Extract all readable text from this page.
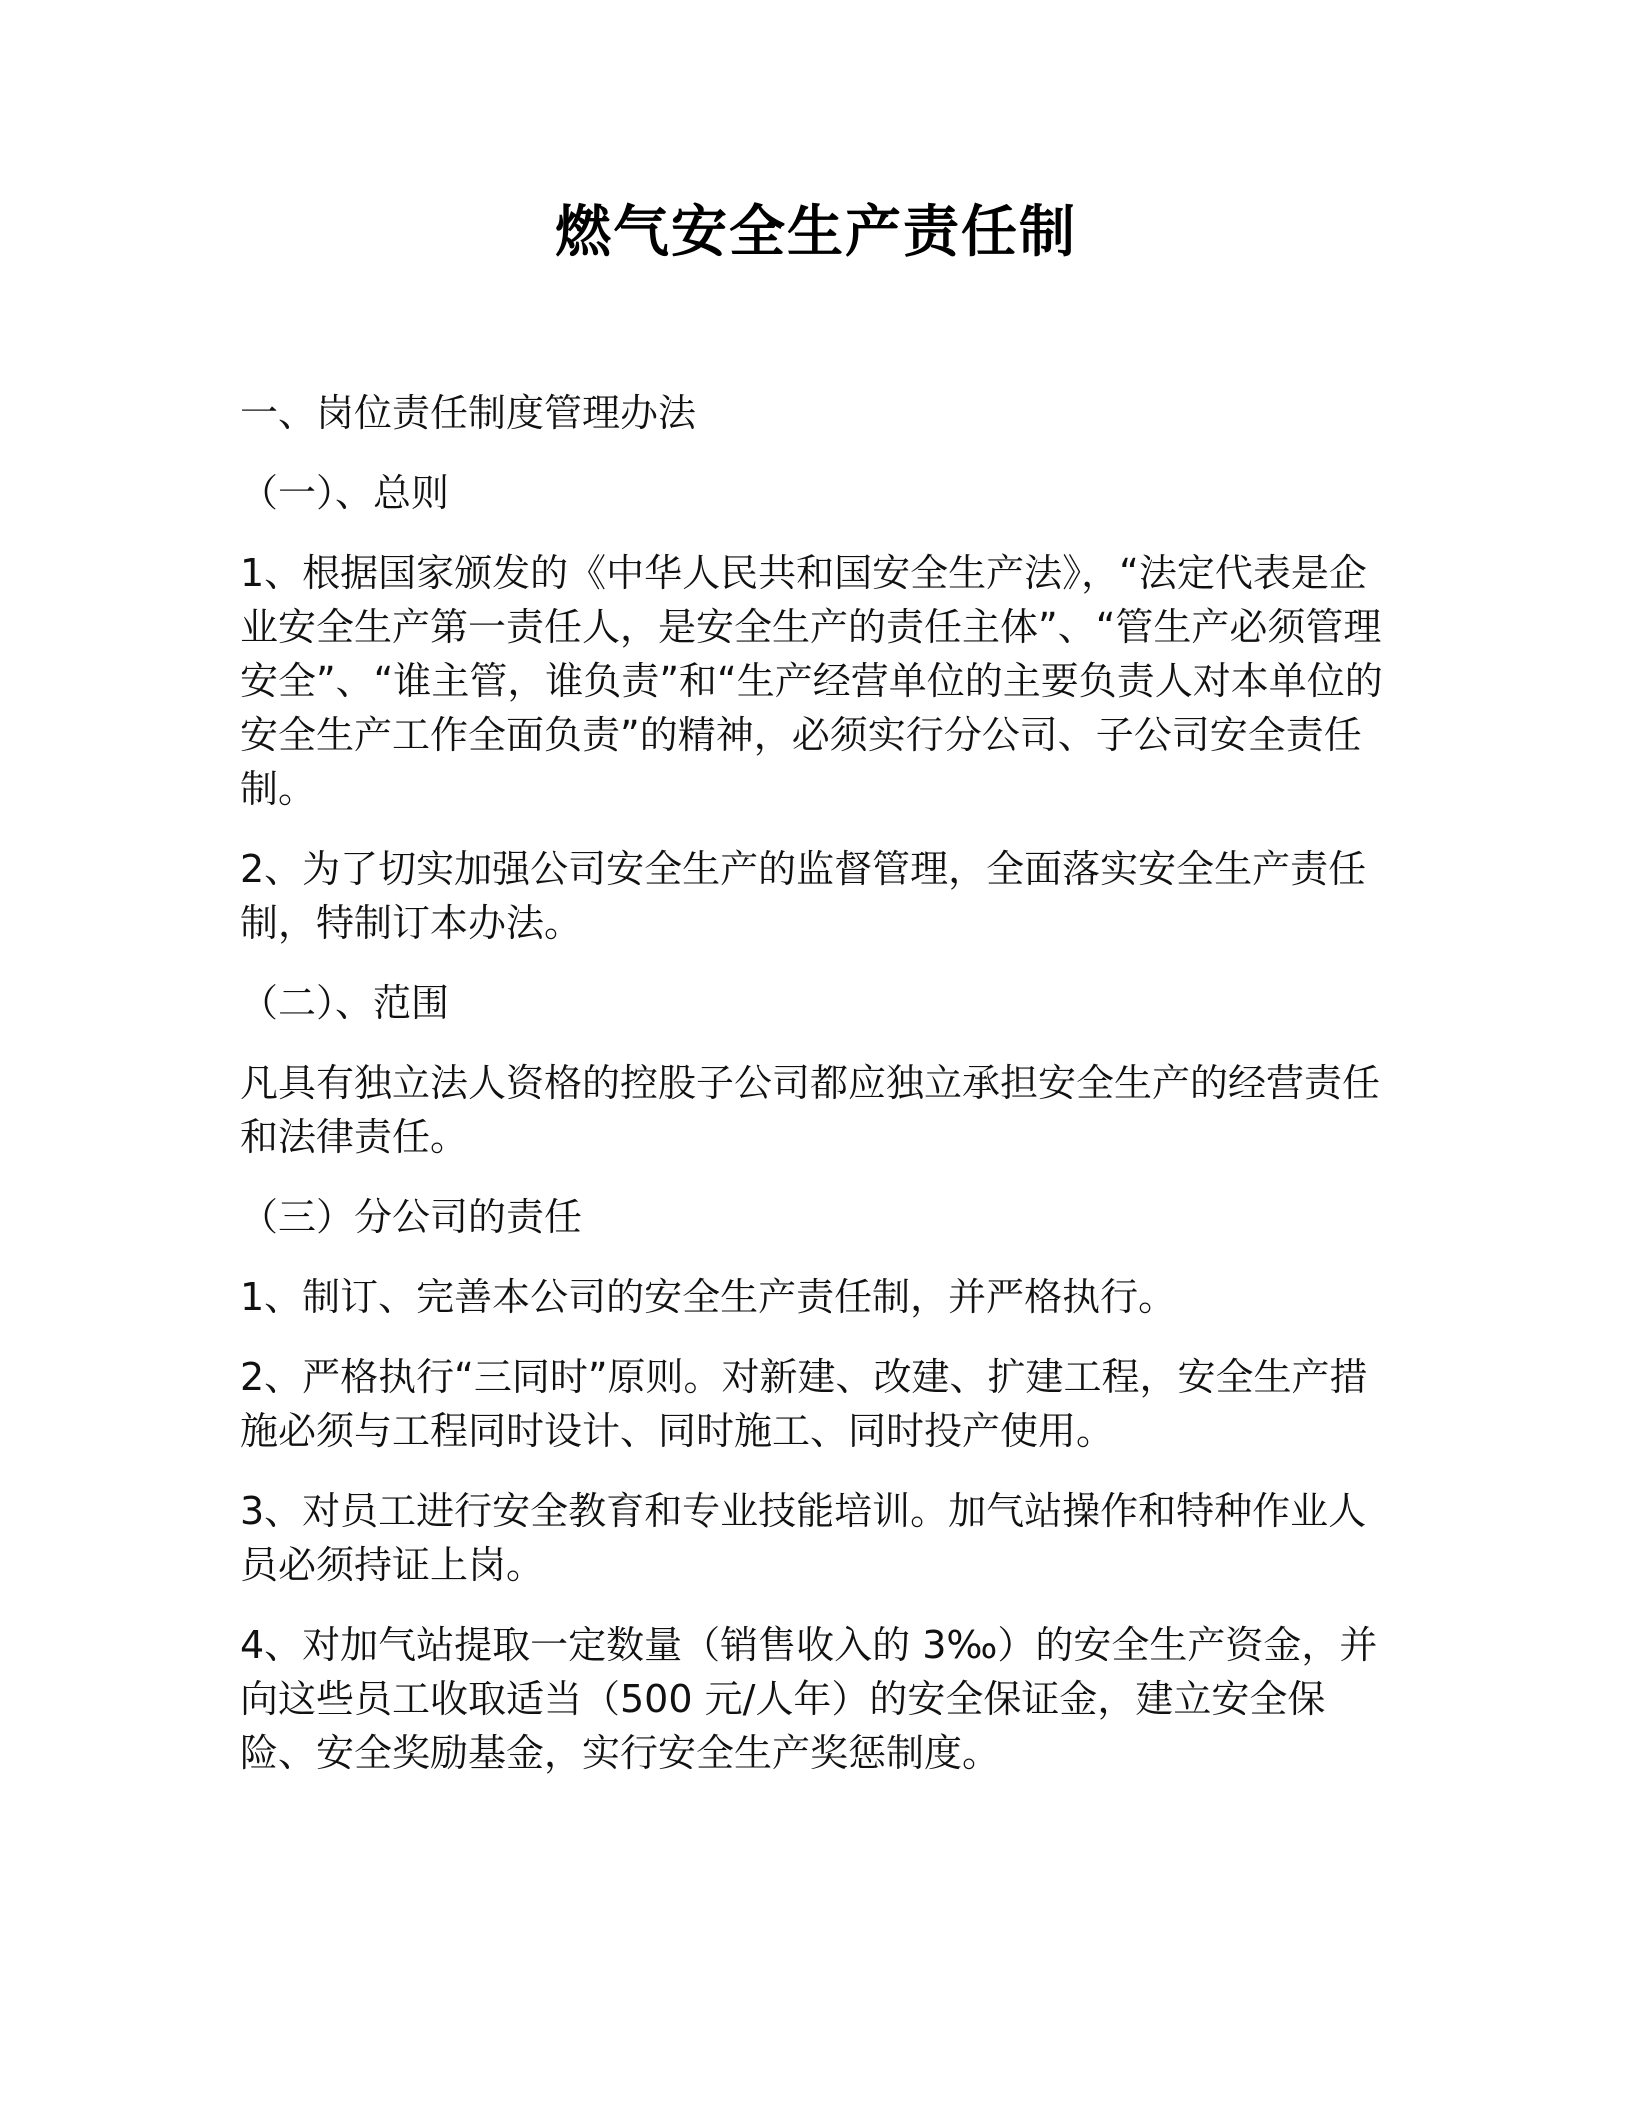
燃气安全生产责任制

一、岗位责任制度管理办法

（一）、总则

1、根据国家颁发的《中华人民共和国安全生产法》，“法定代表是企业安全生产第一责任人，是安全生产的责任主体”、“管生产必须管理安全”、“谁主管，谁负责”和“生产经营单位的主要负责人对本单位的安全生产工作全面负责”的精神，必须实行分公司、子公司安全责任制。

2、为了切实加强公司安全生产的监督管理，全面落实安全生产责任制，特制订本办法。

（二）、范围

凡具有独立法人资格的控股子公司都应独立承担安全生产的经营责任和法律责任。

（三）分公司的责任

1、制订、完善本公司的安全生产责任制，并严格执行。

2、严格执行“三同时”原则。对新建、改建、扩建工程，安全生产措施必须与工程同时设计、同时施工、同时投产使用。

3、对员工进行安全教育和专业技能培训。加气站操作和特种作业人员必须持证上岗。

4、对加气站提取一定数量（销售收入的 3‰）的安全生产资金，并向这些员工收取适当（500 元/人年）的安全保证金，建立安全保险、安全奖励基金，实行安全生产奖惩制度。
